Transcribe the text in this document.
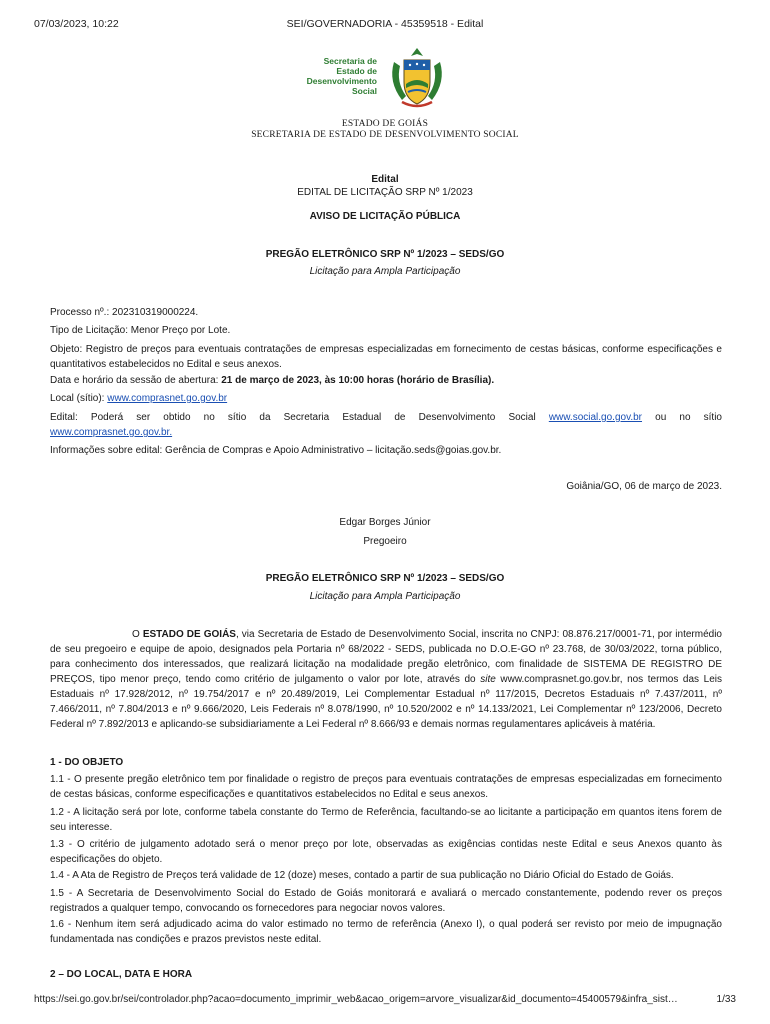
07/03/2023, 10:22	SEI/GOVERNADORIA - 45359518 - Edital
Secretaria de
Estado de
Desenvolvimento
Social
ESTADO DE GOIÁS
SECRETARIA DE ESTADO DE DESENVOLVIMENTO SOCIAL
Edital
EDITAL DE LICITAÇÃO SRP Nº 1/2023
AVISO DE LICITAÇÃO PÚBLICA
PREGÃO ELETRÔNICO SRP Nº 1/2023 – SEDS/GO
Licitação para Ampla Participação
Processo nº.: 202310319000224.
Tipo de Licitação: Menor Preço por Lote.
Objeto: Registro de preços para eventuais contratações de empresas especializadas em fornecimento de cestas básicas, conforme especificações e quantitativos estabelecidos no Edital e seus anexos.
Data e horário da sessão de abertura: 21 de março de 2023, às 10:00 horas (horário de Brasília).
Local (sítio): www.comprasnet.go.gov.br
Edital: Poderá ser obtido no sítio da Secretaria Estadual de Desenvolvimento Social www.social.go.gov.br ou no sítio
www.comprasnet.go.gov.br.
Informações sobre edital: Gerência de Compras e Apoio Administrativo – licitação.seds@goias.gov.br.
Goiânia/GO, 06 de março de 2023.
Edgar Borges Júnior
Pregoeiro
PREGÃO ELETRÔNICO SRP Nº 1/2023 – SEDS/GO
Licitação para Ampla Participação
O ESTADO DE GOIÁS, via Secretaria de Estado de Desenvolvimento Social, inscrita no CNPJ: 08.876.217/0001-71, por intermédio de seu pregoeiro e equipe de apoio, designados pela Portaria nº 68/2022 - SEDS, publicada no D.O.E-GO nº 23.768, de 30/03/2022, torna público, para conhecimento dos interessados, que realizará licitação na modalidade pregão eletrônico, com finalidade de SISTEMA DE REGISTRO DE PREÇOS, tipo menor preço, tendo como critério de julgamento o valor por lote, através do site www.comprasnet.go.gov.br, nos termos das Leis Estaduais nº 17.928/2012, nº 19.754/2017 e nº 20.489/2019, Lei Complementar Estadual nº 117/2015, Decretos Estaduais nº 7.437/2011, nº 7.466/2011, nº 7.804/2013 e nº 9.666/2020, Leis Federais nº 8.078/1990, nº 10.520/2002 e nº 14.133/2021, Lei Complementar nº 123/2006, Decreto Federal nº 7.892/2013 e aplicando-se subsidiariamente a Lei Federal nº 8.666/93 e demais normas regulamentares aplicáveis à matéria.
1 - DO OBJETO
1.1 - O presente pregão eletrônico tem por finalidade o registro de preços para eventuais contratações de empresas especializadas em fornecimento de cestas básicas, conforme especificações e quantitativos estabelecidos no Edital e seus anexos.
1.2 - A licitação será por lote, conforme tabela constante do Termo de Referência, facultando-se ao licitante a participação em quantos itens forem de seu interesse.
1.3 - O critério de julgamento adotado será o menor preço por lote, observadas as exigências contidas neste Edital e seus Anexos quanto às especificações do objeto.
1.4 - A Ata de Registro de Preços terá validade de 12 (doze) meses, contado a partir de sua publicação no Diário Oficial do Estado de Goiás.
1.5 - A Secretaria de Desenvolvimento Social do Estado de Goiás monitorará e avaliará o mercado constantemente, podendo rever os preços registrados a qualquer tempo, convocando os fornecedores para negociar novos valores.
1.6 - Nenhum item será adjudicado acima do valor estimado no termo de referência (Anexo I), o qual poderá ser revisto por meio de impugnação fundamentada nas condições e prazos previstos neste edital.
2 – DO LOCAL, DATA E HORA
https://sei.go.gov.br/sei/controlador.php?acao=documento_imprimir_web&acao_origem=arvore_visualizar&id_documento=45400579&infra_sist…	1/33
